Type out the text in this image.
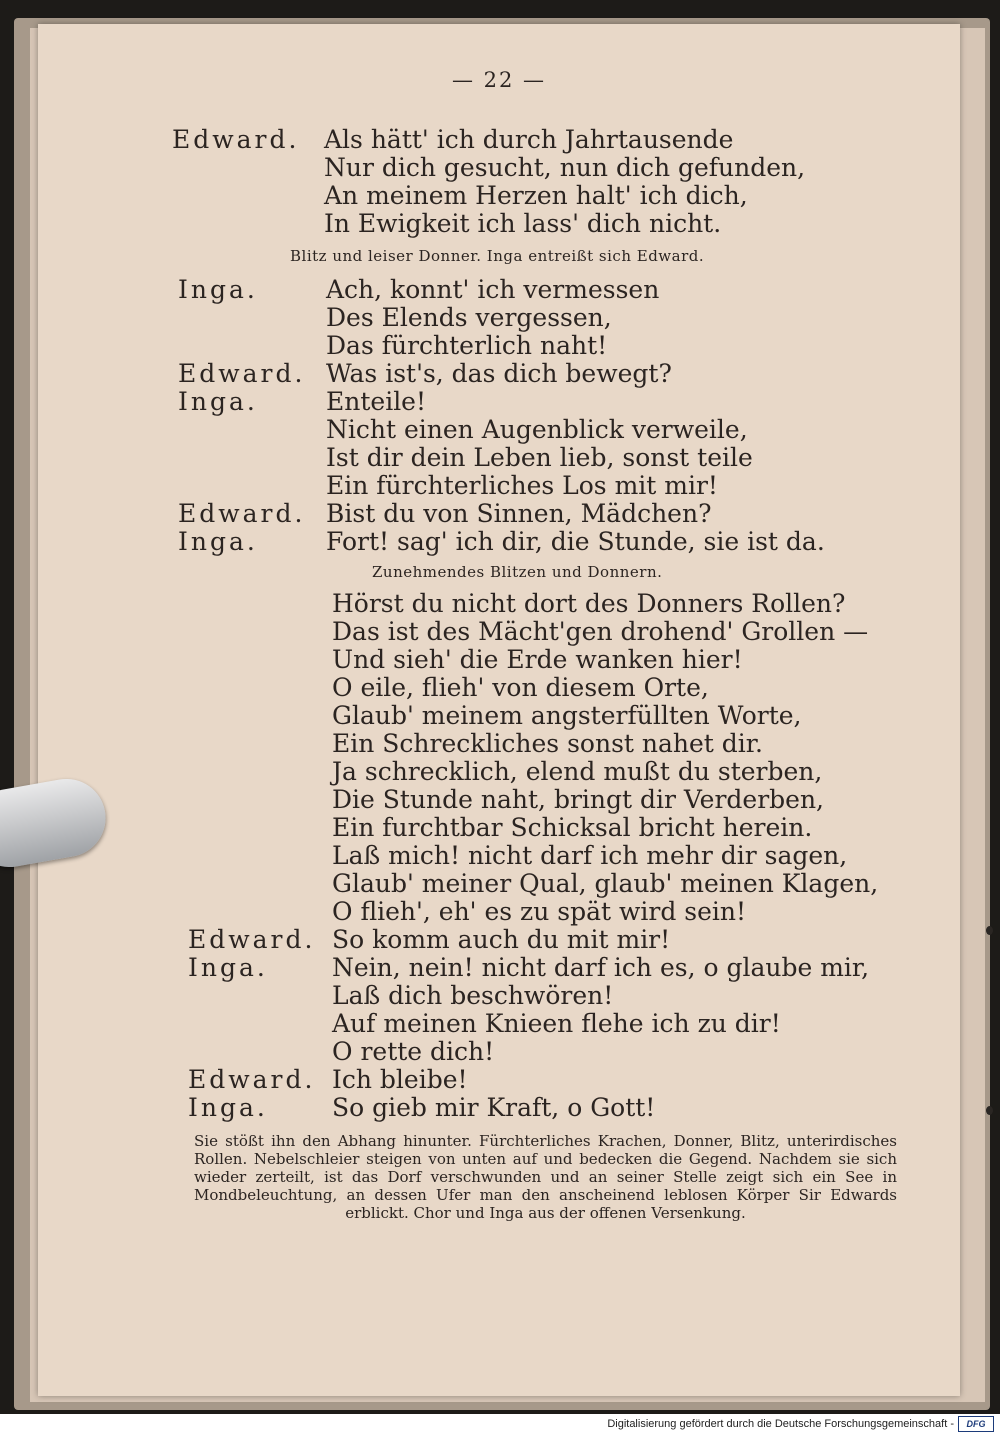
— 22 —
Edward. Als hätt' ich durch Jahrtausende
Nur dich gesucht, nun dich gefunden,
An meinem Herzen halt' ich dich,
In Ewigkeit ich lass' dich nicht.
Blitz und leiser Donner. Inga entreißt sich Edward.
Inga.	Ach, konnt' ich vermessen
Des Elends vergessen,
Das fürchterlich naht!
Edward. Was ist's, das dich bewegt?
Inga.	Enteile!
Nicht einen Augenblick verweile,
Ist dir dein Leben lieb, sonst teile
Ein fürchterliches Los mit mir!
Edward. Bist du von Sinnen, Mädchen?
Inga.	Fort! sag' ich dir, die Stunde, sie ist da.
Zunehmendes Blitzen und Donnern.
Hörst du nicht dort des Donners Rollen?
Das ist des Mächt'gen drohend' Grollen —
Und sieh' die Erde wanken hier!
O eile, flieh' von diesem Orte,
Glaub' meinem angsterfüllten Worte,
Ein Schreckliches sonst nahet dir.
Ja schrecklich, elend mußt du sterben,
Die Stunde naht, bringt dir Verderben,
Ein furchtbar Schicksal bricht herein.
Laß mich! nicht darf ich mehr dir sagen,
Glaub' meiner Qual, glaub' meinen Klagen,
O flieh', eh' es zu spät wird sein!
Edward. So komm auch du mit mir!
Inga.	Nein, nein! nicht darf ich es, o glaube mir,
Laß dich beschwören!
Auf meinen Knieen flehe ich zu dir!
O rette dich!
Edward. Ich bleibe!
Inga.	So gieb mir Kraft, o Gott!
Sie stößt ihn den Abhang hinunter. Fürchterliches Krachen, Donner, Blitz, unterirdisches Rollen. Nebelschleier steigen von unten auf und bedecken die Gegend. Nachdem sie sich wieder zerteilt, ist das Dorf verschwunden und an seiner Stelle zeigt sich ein See in Mondbeleuchtung, an dessen Ufer man den anscheinend leblosen Körper Sir Edwards erblickt. Chor und Inga aus der offenen Versenkung.
Digitalisierung gefördert durch die Deutsche Forschungsgemeinschaft -	DFG
